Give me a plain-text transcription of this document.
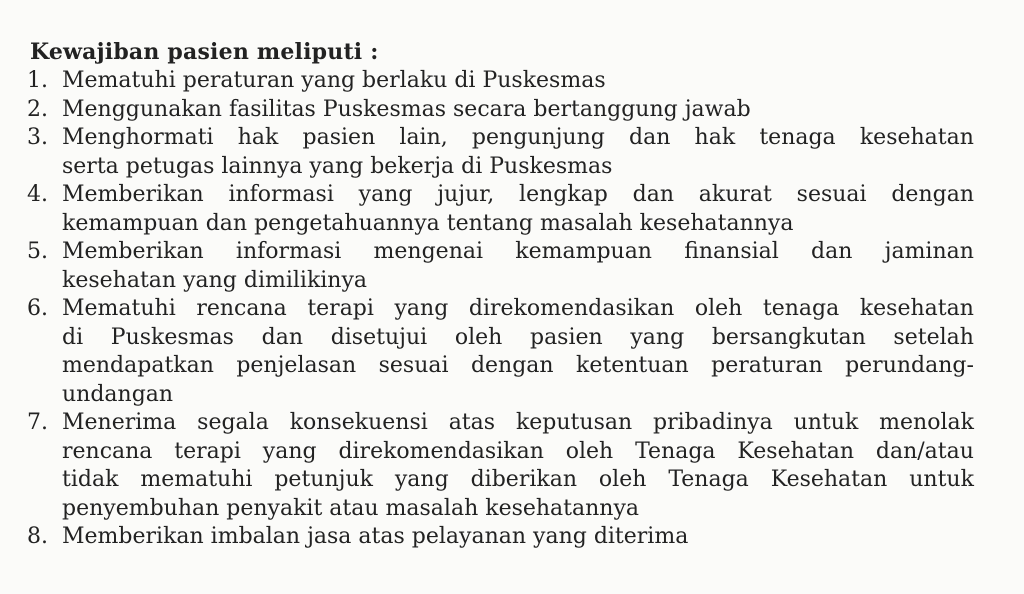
Kewajiban pasien meliputi :
1. Mematuhi peraturan yang berlaku di Puskesmas
2. Menggunakan fasilitas Puskesmas secara bertanggung jawab
3. Menghormati hak pasien lain, pengunjung dan hak tenaga kesehatan
serta petugas lainnya yang bekerja di Puskesmas
4. Memberikan informasi yang jujur, lengkap dan akurat sesuai dengan
kemampuan dan pengetahuannya tentang masalah kesehatannya
5. Memberikan informasi mengenai kemampuan finansial dan jaminan
kesehatan yang dimilikinya
6. Mematuhi rencana terapi yang direkomendasikan oleh tenaga kesehatan
di Puskesmas dan disetujui oleh pasien yang bersangkutan setelah
mendapatkan penjelasan sesuai dengan ketentuan peraturan perundang-
undangan
7. Menerima segala konsekuensi atas keputusan pribadinya untuk menolak
rencana terapi yang direkomendasikan oleh Tenaga Kesehatan dan/atau
tidak mematuhi petunjuk yang diberikan oleh Tenaga Kesehatan untuk
penyembuhan penyakit atau masalah kesehatannya
8. Memberikan imbalan jasa atas pelayanan yang diterima
